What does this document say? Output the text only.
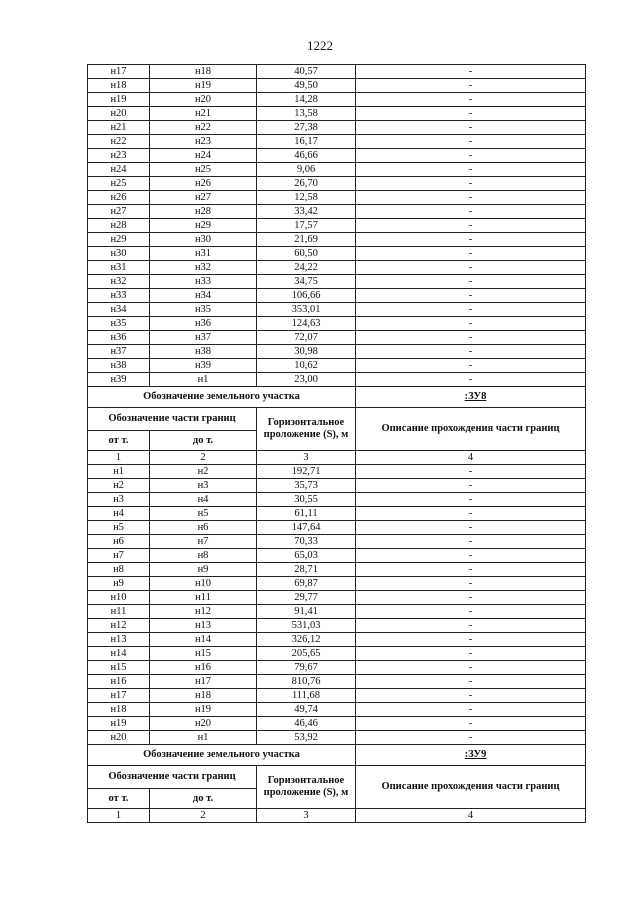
1222
н17	н18	40,57	-
н18	н19	49,50	-
н19	н20	14,28	-
н20	н21	13,58	-
н21	н22	27,38	-
н22	н23	16,17	-
н23	н24	46,66	-
н24	н25	9,06	-
н25	н26	26,70	-
н26	н27	12,58	-
н27	н28	33,42	-
н28	н29	17,57	-
н29	н30	21,69	-
н30	н31	60,50	-
н31	н32	24,22	-
н32	н33	34,75	-
н33	н34	106,66	-
н34	н35	353,01	-
н35	н36	124,63	-
н36	н37	72,07	-
н37	н38	30,98	-
н38	н39	10,62	-
н39	н1	23,00	-
Обозначение земельного участка			:ЗУ8
Обозначение части границ		Горизонтальное проложение (S), м	Описание прохождения части границ
от т.	до т.		
1	2	3	4
н1	н2	192,71	-
н2	н3	35,73	-
н3	н4	30,55	-
н4	н5	61,11	-
н5	н6	147,64	-
н6	н7	70,33	-
н7	н8	65,03	-
н8	н9	28,71	-
н9	н10	69,87	-
н10	н11	29,77	-
н11	н12	91,41	-
н12	н13	531,03	-
н13	н14	326,12	-
н14	н15	205,65	-
н15	н16	79,67	-
н16	н17	810,76	-
н17	н18	111,68	-
н18	н19	49,74	-
н19	н20	46,46	-
н20	н1	53,92	-
Обозначение земельного участка			:ЗУ9
Обозначение части границ		Горизонтальное проложение (S), м	Описание прохождения части границ
от т.	до т.		
1	2	3	4
